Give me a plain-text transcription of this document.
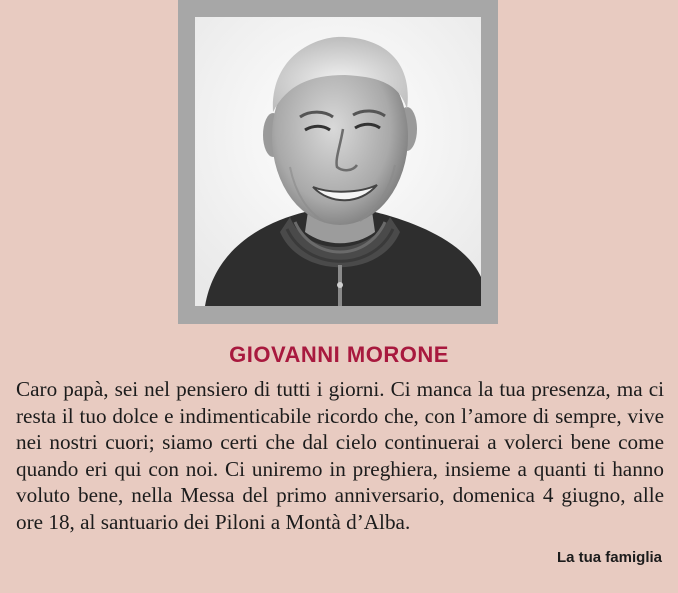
GIOVANNI MORONE
Caro papà, sei nel pensiero di tutti i giorni. Ci manca la tua presenza, ma ci resta il tuo dolce e indimenticabile ricordo che, con l’amore di sempre, vive nei nostri cuori; siamo certi che dal cielo continuerai a volerci bene come quando eri qui con noi. Ci uniremo in preghiera, insieme a quanti ti hanno voluto bene, nella Messa del primo anniversario, domenica 4 giugno, alle ore 18, al santuario dei Piloni a Montà d’Alba.
La tua famiglia
